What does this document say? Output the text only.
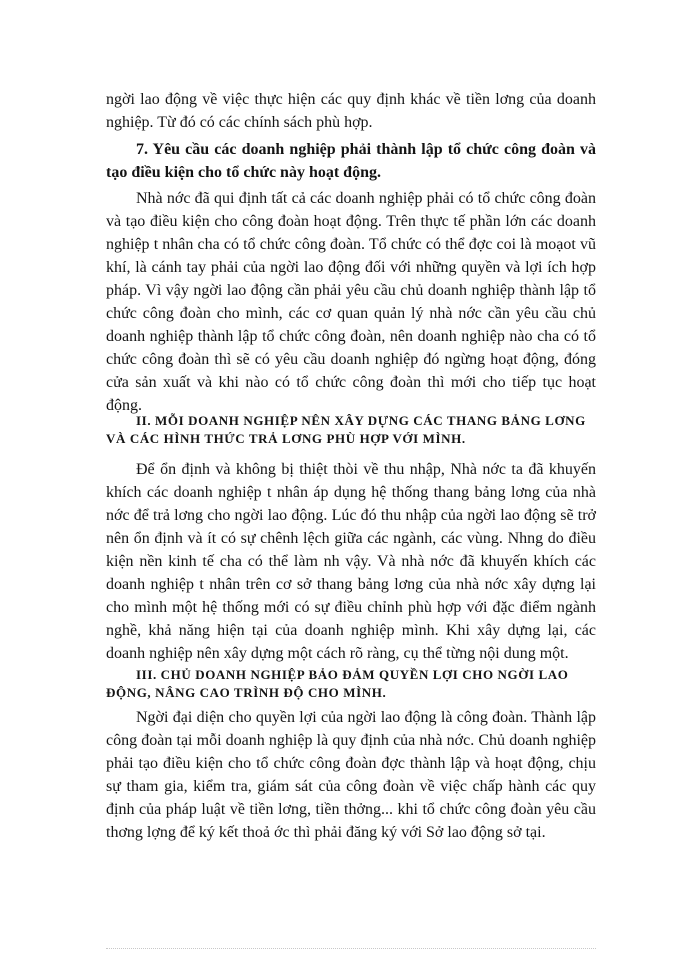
ngời lao động về việc thực hiện các quy định khác về tiền lơng của doanh nghiệp. Từ đó có các chính sách phù hợp.

7. Yêu cầu các doanh nghiệp phải thành lập tổ chức công đoàn và tạo điều kiện cho tổ chức này hoạt động.

Nhà nớc đã qui định tất cả các doanh nghiệp phải có tổ chức công đoàn và tạo điều kiện cho công đoàn hoạt động. Trên thực tế phần lớn các doanh nghiệp t nhân cha có tổ chức công đoàn. Tổ chức có thể đợc coi là moạot vũ khí, là cánh tay phải của ngời lao động đối với những quyền và lợi ích hợp pháp. Vì vậy ngời lao động cần phải yêu cầu chủ doanh nghiệp thành lập tổ chức công đoàn cho mình, các cơ quan quản lý nhà nớc cần yêu cầu chủ doanh nghiệp thành lập tổ chức công đoàn, nên doanh nghiệp nào cha có tổ chức công đoàn thì sẽ có yêu cầu doanh nghiệp đó ngừng hoạt động, đóng cửa sản xuất và khi nào có tổ chức công đoàn thì mới cho tiếp tục hoạt động.

II. MỖI DOANH NGHIỆP NÊN XÂY DỰNG CÁC THANG BẢNG LƠNG VÀ CÁC HÌNH THỨC TRẢ LƠNG PHÙ HỢP VỚI MÌNH.

Để ổn định và không bị thiệt thòi về thu nhập, Nhà nớc ta đã khuyến khích các doanh nghiệp t nhân áp dụng hệ thống thang bảng lơng của nhà nớc để trả lơng cho ngời lao động. Lúc đó thu nhập của ngời lao động sẽ trở nên ổn định và ít có sự chênh lệch giữa các ngành, các vùng. Nhng do điều kiện nền kinh tế cha có thể làm nh vậy. Và nhà nớc đã khuyến khích các doanh nghiệp t nhân trên cơ sở thang bảng lơng của nhà nớc xây dựng lại cho mình một hệ thống mới có sự điều chỉnh phù hợp với đặc điểm ngành nghề, khả năng hiện tại của doanh nghiệp mình. Khi xây dựng lại, các doanh nghiệp nên xây dựng một cách rõ ràng, cụ thể từng nội dung một.

III. CHỦ DOANH NGHIỆP BẢO ĐẢM QUYỀN LỢI CHO NGỜI LAO ĐỘNG, NÂNG CAO TRÌNH ĐỘ CHO MÌNH.

Ngời đại diện cho quyền lợi của ngời lao động là công đoàn. Thành lập công đoàn tại mỗi doanh nghiệp là quy định của nhà nớc. Chủ doanh nghiệp phải tạo điều kiện cho tổ chức công đoàn đợc thành lập và hoạt động, chịu sự tham gia, kiểm tra, giám sát của công đoàn về việc chấp hành các quy định của pháp luật về tiền lơng, tiền thởng... khi tổ chức công đoàn yêu cầu thơng lợng để ký kết thoả ớc thì phải đăng ký với Sở lao động sở tại.
